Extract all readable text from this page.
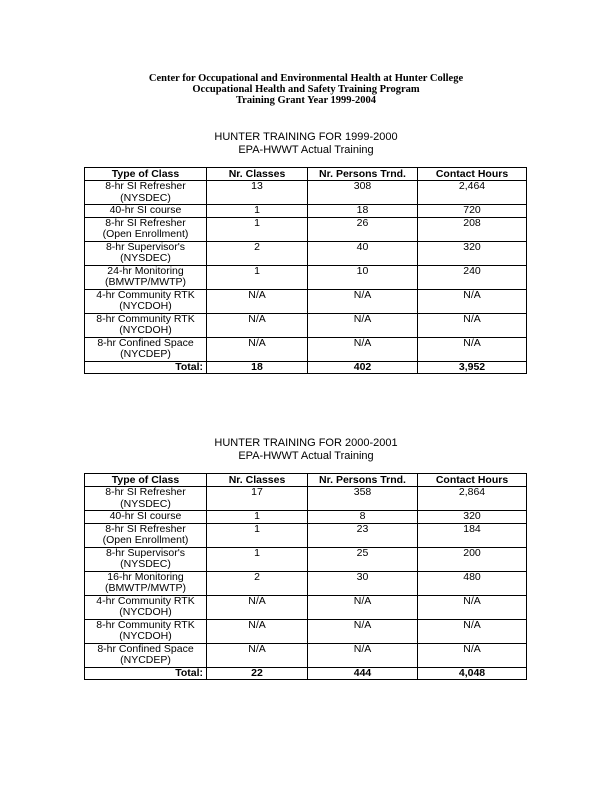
Center for Occupational and Environmental Health at Hunter College
Occupational Health and Safety Training Program
Training Grant Year 1999-2004
HUNTER TRAINING FOR 1999-2000
EPA-HWWT Actual Training
HUNTER TRAINING FOR 2000-2001
EPA-HWWT Actual Training
Type of Class	Nr. Classes	Nr. Persons Trnd.	Contact Hours

8-hr SI Refresher
(NYSDEC)	13	308	2,464

40-hr SI course	1	18	720

8-hr SI Refresher
(Open Enrollment)	1	26	208

8-hr Supervisor's
(NYSDEC)	2	40	320

24-hr Monitoring
(BMWTP/MWTP)	1	10	240

4-hr Community RTK
(NYCDOH)	N/A	N/A	N/A

8-hr Community RTK
(NYCDOH)	N/A	N/A	N/A

8-hr Confined Space
(NYCDEP)	N/A	N/A	N/A
Total:	18	402	3,952
Type of Class	Nr. Classes	Nr. Persons Trnd.	Contact Hours

8-hr SI Refresher
(NYSDEC)	17	358	2,864

40-hr SI course	1	8	320

8-hr SI Refresher
(Open Enrollment)	1	23	184

8-hr Supervisor's
(NYSDEC)	1	25	200

16-hr Monitoring
(BMWTP/MWTP)	2	30	480

4-hr Community RTK
(NYCDOH)	N/A	N/A	N/A

8-hr Community RTK
(NYCDOH)	N/A	N/A	N/A

8-hr Confined Space
(NYCDEP)	N/A	N/A	N/A
Total:	22	444	4,048
